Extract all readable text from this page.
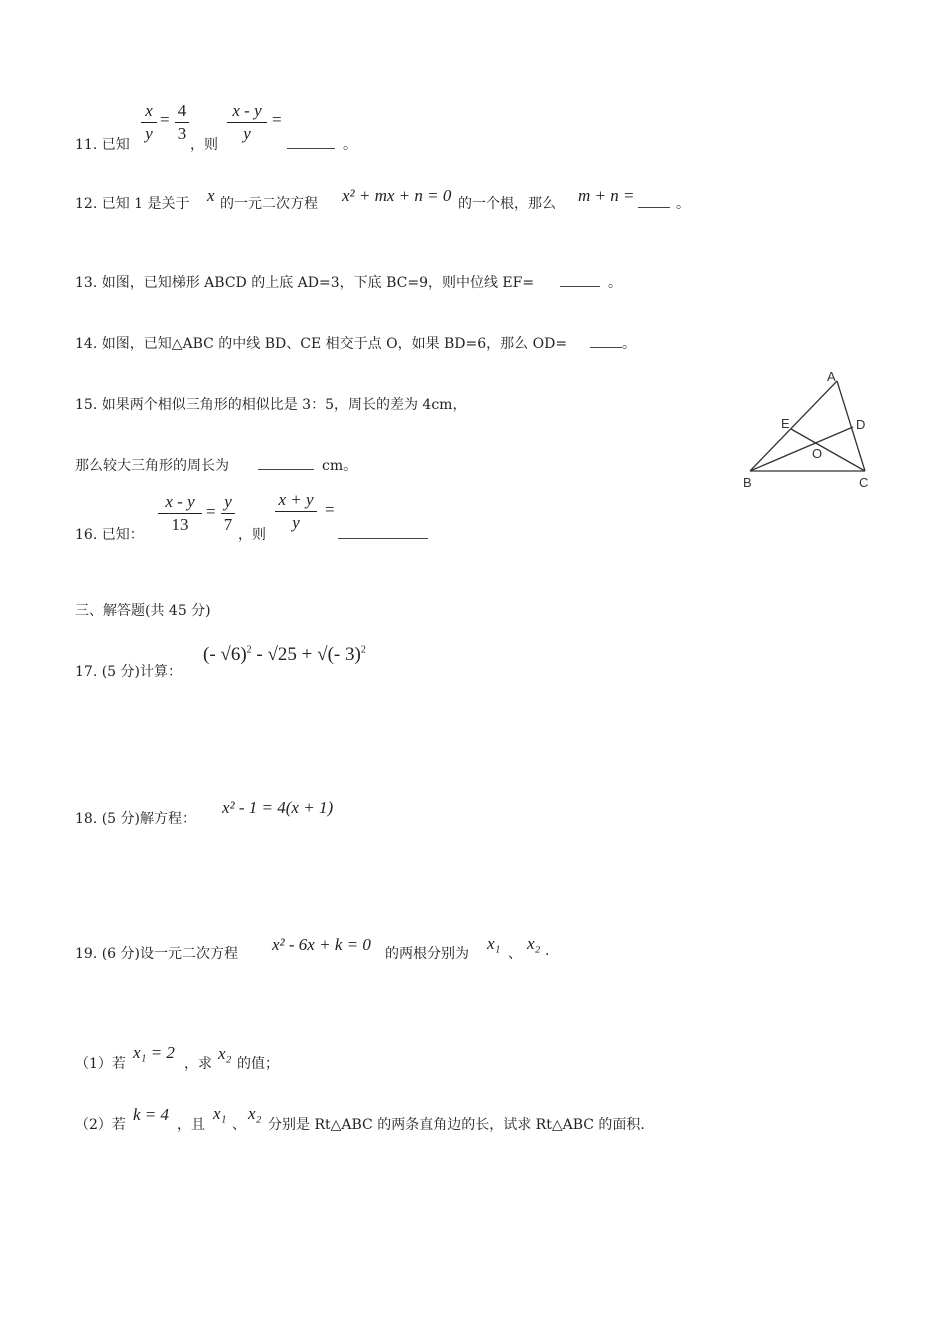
11. 已知
x
y
= 4
3
，则
x - y
y
=
。
12. 已知 1 是关于 x 的一元二次方程 x² + mx + n = 0 的一个根，那么 m + n =	。
13. 如图，已知梯形 ABCD 的上底 AD=3，下底 BC=9，则中位线 EF=	。
14. 如图，已知△ABC 的中线 BD、CE 相交于点 O，如果 BD=6，那么 OD=	。
15. 如果两个相似三角形的相似比是 3：5，周长的差为 4cm，
那么较大三角形的周长为	cm。
16. 已知：
x - y
13
=
y
7
，则
x + y
y
=
A
B	C
D
E
O
三、解答题(共 45 分)
17. (5 分)计算：
(- √6)$^2$ - √25 + √(- 3)$^2$
18. (5 分)解方程：
x² - 1 = 4(x + 1)
19. (6 分)设一元二次方程 x² - 6x + k = 0 的两根分别为
x₁
、
x₂ .
（1）若
x₁ = 2
，求
x₂
的值；
（2）若
k = 4
，且
x₁
、
x₂
分别是 Rt△ABC 的两条直角边的长，试求 Rt△ABC 的面积.
